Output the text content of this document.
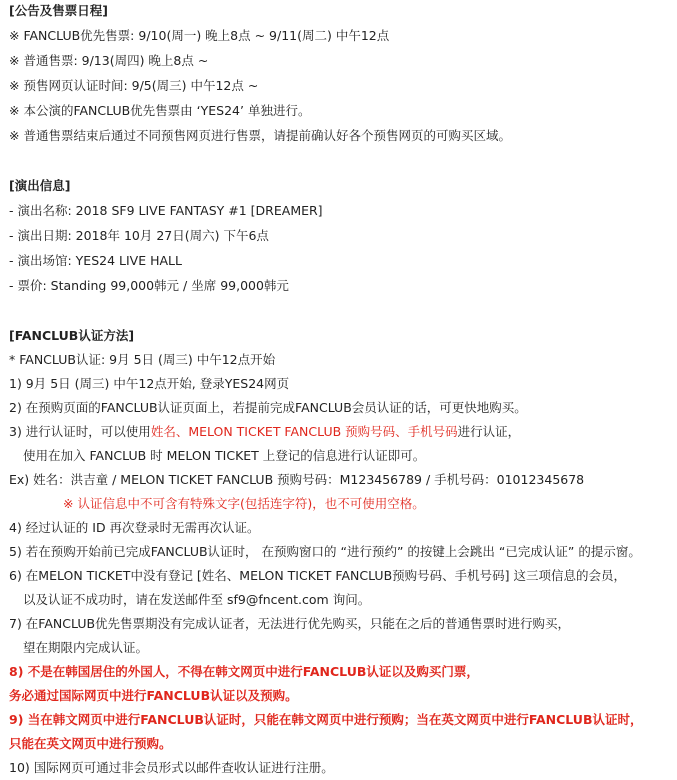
[公告及售票日程]
※ FANCLUB优先售票: 9/10(周一) 晚上8点 ~ 9/11(周二) 中午12点
※ 普通售票: 9/13(周四) 晚上8点 ~
※ 预售网页认证时间: 9/5(周三) 中午12点 ~
※ 本公演的FANCLUB优先售票由 ‘YES24’ 单独进行。
※ 普通售票结束后通过不同预售网页进行售票，请提前确认好各个预售网页的可购买区域。
[演出信息]
- 演出名称: 2018 SF9 LIVE FANTASY #1 [DREAMER]
- 演出日期: 2018年 10月 27日(周六) 下午6点
- 演出场馆: YES24 LIVE HALL
- 票价: Standing 99,000韩元 / 坐席 99,000韩元
[FANCLUB认证方法]
* FANCLUB认证: 9月 5日 (周三) 中午12点开始
1) 9月 5日 (周三) 中午12点开始, 登录YES24网页
2) 在预购页面的FANCLUB认证页面上，若提前完成FANCLUB会员认证的话，可更快地购买。
3) 进行认证时，可以使用姓名、MELON TICKET FANCLUB 预购号码、手机号码进行认证，
使用在加入 FANCLUB 时 MELON TICKET 上登记的信息进行认证即可。
Ex) 姓名：洪吉童 / MELON TICKET FANCLUB 预购号码：M123456789 / 手机号码：01012345678
※ 认证信息中不可含有特殊文字(包括连字符)，也不可使用空格。
4) 经过认证的 ID 再次登录时无需再次认证。
5) 若在预购开始前已完成FANCLUB认证时， 在预购窗口的 “进行预约” 的按键上会跳出 “已完成认证” 的提示窗。
6) 在MELON TICKET中没有登记 [姓名、MELON TICKET FANCLUB预购号码、手机号码] 这三项信息的会员，
以及认证不成功时，请在发送邮件至 sf9@fncent.com 询问。
7) 在FANCLUB优先售票期没有完成认证者，无法进行优先购买，只能在之后的普通售票时进行购买，
望在期限内完成认证。
8) 不是在韩国居住的外国人，不得在韩文网页中进行FANCLUB认证以及购买门票，
务必通过国际网页中进行FANCLUB认证以及预购。
9) 当在韩文网页中进行FANCLUB认证时，只能在韩文网页中进行预购；当在英文网页中进行FANCLUB认证时，
只能在英文网页中进行预购。
10) 国际网页可通过非会员形式以邮件查收认证进行注册。
